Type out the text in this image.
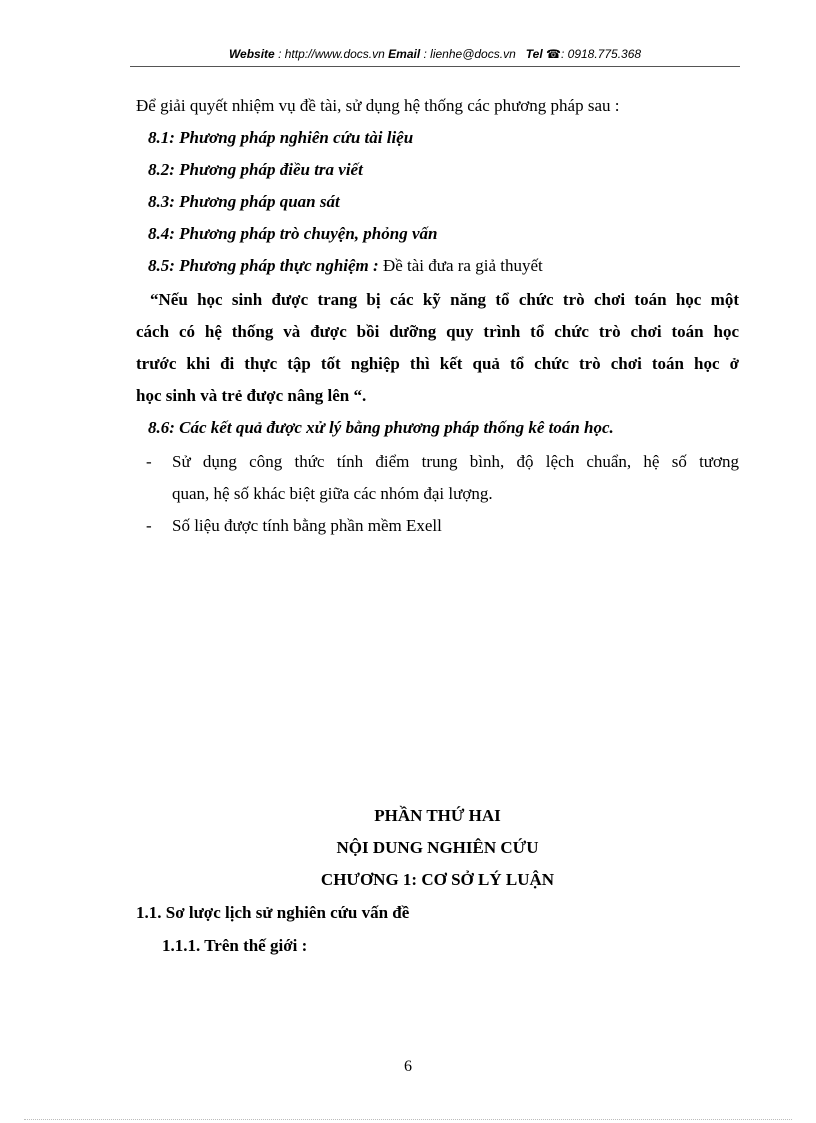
Website : http://www.docs.vn Email : lienhe@docs.vn Tel ☎: 0918.775.368
Để giải quyết nhiệm vụ đề tài, sử dụng hệ thống các phương pháp sau :
8.1: Phương pháp nghiên cứu tài liệu
8.2: Phương pháp điều tra viết
8.3: Phương pháp quan sát
8.4: Phương pháp trò chuyện, phỏng vấn
8.5: Phương pháp thực nghiệm : Đề tài đưa ra giả thuyết
“Nếu học sinh được trang bị các kỹ năng tổ chức trò chơi toán học một
cách có hệ thống và được bồi dưỡng quy trình tổ chức trò chơi toán học
trước khi đi thực tập tốt nghiệp thì kết quả tổ chức trò chơi toán học ở
học sinh và trẻ được nâng lên “.
8.6: Các kết quả được xử lý bằng phương pháp thống kê toán học.
- Sử dụng công thức tính điểm trung bình, độ lệch chuẩn, hệ số tương
quan, hệ số khác biệt giữa các nhóm đại lượng.
- Số liệu được tính bằng phần mềm Exell
PHẦN THỨ HAI
NỘI DUNG NGHIÊN CỨU
CHƯƠNG 1: CƠ SỞ LÝ LUẬN
1.1. Sơ lược lịch sử nghiên cứu vấn đề
1.1.1. Trên thế giới :
6
